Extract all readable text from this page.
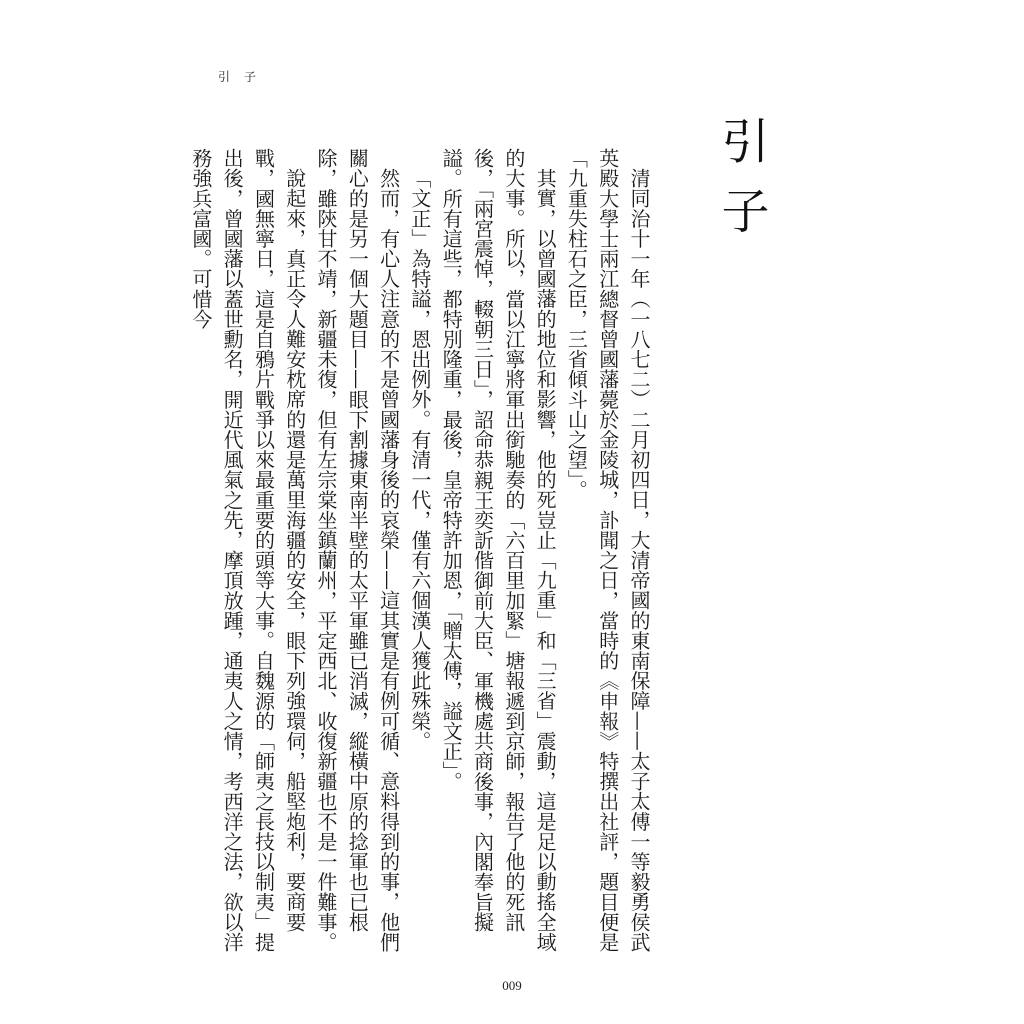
引 子
引子

清同治十一年（一八七二）二月初四日，大清帝國的東南保障——太子太傅一等毅勇侯武英殿大學士兩江總督曾國藩薨於金陵城，訃聞之日，當時的《申報》特撰出社評，題目便是「九重失柱石之臣，三省傾斗山之望」。

其實，以曾國藩的地位和影響，他的死豈止「九重」和「三省」震動，這是足以動搖全域的大事。所以，當以江寧將軍出銜馳奏的「六百里加緊」塘報遞到京師，報告了他的死訊後，「兩宮震悼，輟朝三日」，詔命恭親王奕訢偕御前大臣、軍機處共商後事，內閣奉旨擬謚。所有這些，都特別隆重，最後，皇帝特許加恩，「贈太傅，謚文正」。

「文正」為特謚，恩出例外。有清一代，僅有六個漢人獲此殊榮。

然而，有心人注意的不是曾國藩身後的哀榮——這其實是有例可循、意料得到的事，他們關心的是另一個大題目——眼下割據東南半壁的太平軍雖已消滅，縱橫中原的捻軍也已根除，雖陝甘不靖，新疆未復，但有左宗棠坐鎮蘭州，平定西北、收復新疆也不是一件難事。

說起來，真正令人難安枕席的還是萬里海疆的安全，眼下列強環伺，船堅炮利，要商要戰，國無寧日，這是自鴉片戰爭以來最重要的頭等大事。自魏源的「師夷之長技以制夷」提出後，曾國藩以蓋世勳名，開近代風氣之先，摩頂放踵，通夷人之情，考西洋之法，欲以洋務強兵富國。可惜今

009
